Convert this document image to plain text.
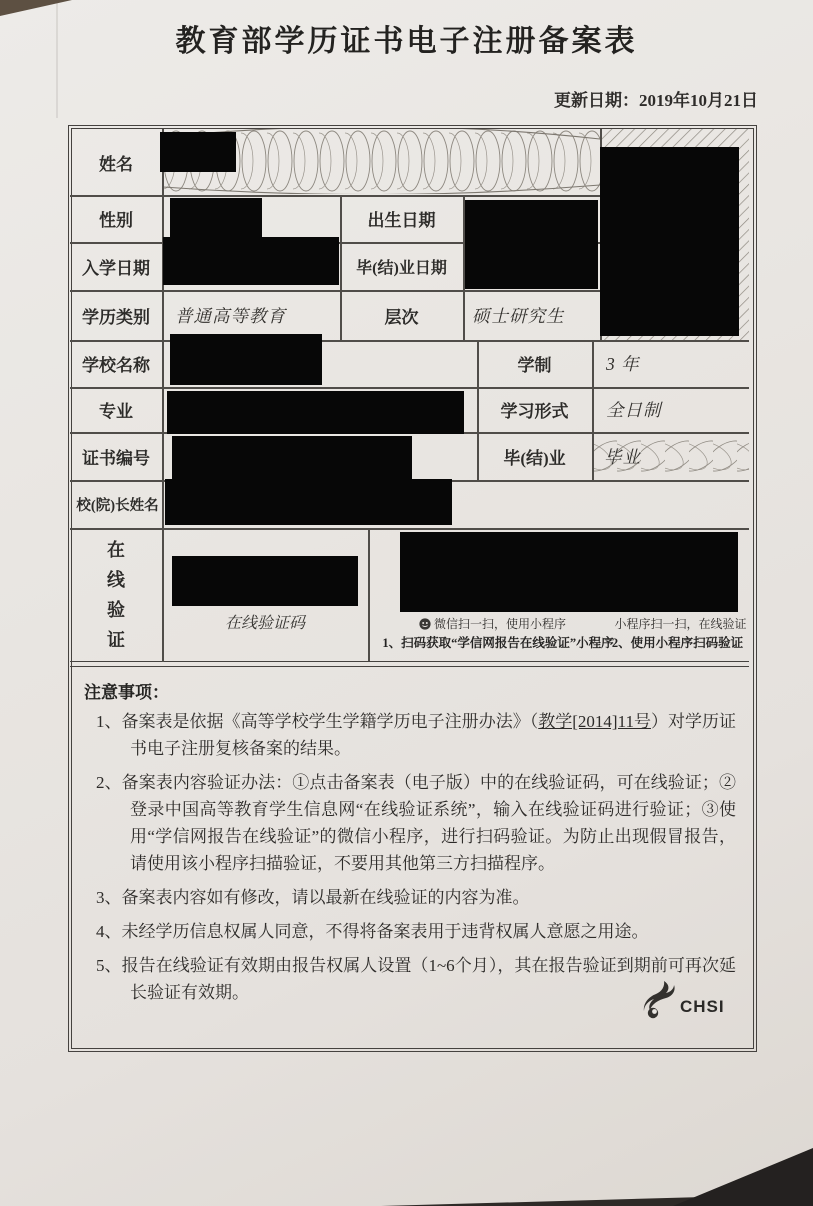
教育部学历证书电子注册备案表
更新日期：2019年10月21日
姓名
性别	出生日期
入学日期	毕(结)业日期
学历类别	普通高等教育	层次	硕士研究生
学校名称	学制	3 年
专业	学习形式	全日制
证书编号	毕(结)业	毕业
校(院)长姓名
在
线
验
证
在线验证码	微信扫一扫，使用小程序	小程序扫一扫，在线验证
1、扫码获取“学信网报告在线验证”小程序
2、使用小程序扫码验证
注意事项：
1、备案表是依据《高等学校学生学籍学历电子注册办法》（教学[2014]11号）对学历证书电子注册复核备案的结果。
2、备案表内容验证办法：①点击备案表（电子版）中的在线验证码，可在线验证；②登录中国高等教育学生信息网“在线验证系统”，输入在线验证码进行验证；③使用“学信网报告在线验证”的微信小程序，进行扫码验证。为防止出现假冒报告，请使用该小程序扫描验证，不要用其他第三方扫描程序。
3、备案表内容如有修改，请以最新在线验证的内容为准。
4、未经学历信息权属人同意，不得将备案表用于违背权属人意愿之用途。
5、报告在线验证有效期由报告权属人设置（1~6个月），其在报告验证到期前可再次延长验证有效期。
CHSI
